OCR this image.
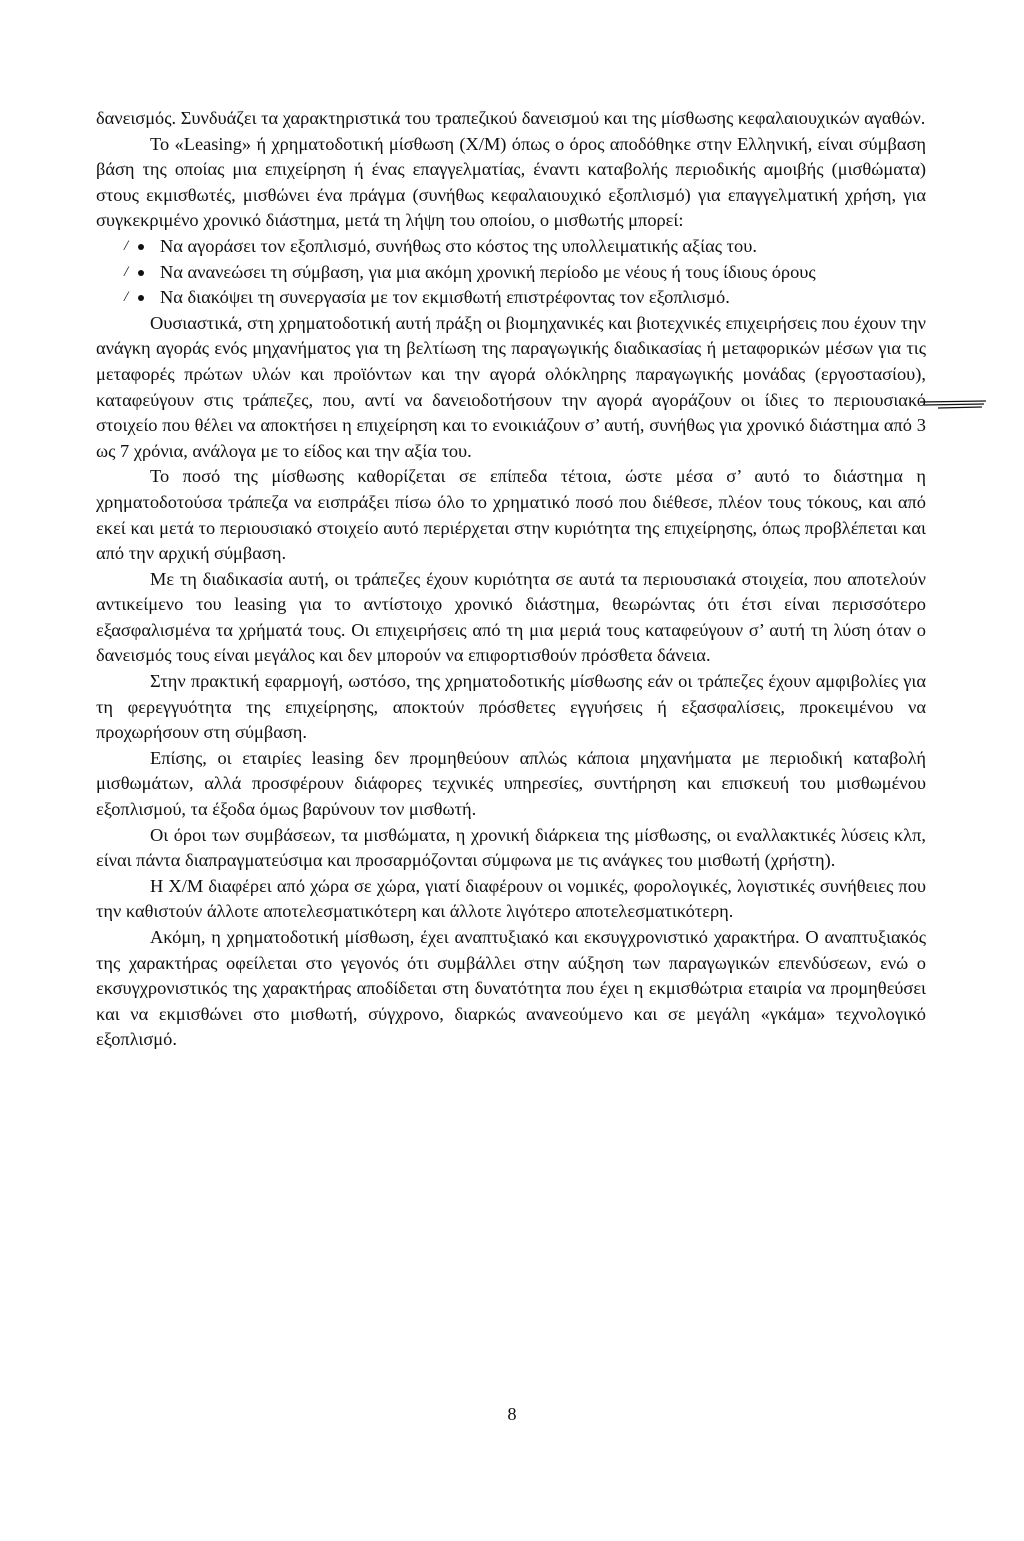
δανεισμός. Συνδυάζει τα χαρακτηριστικά του τραπεζικού δανεισμού και της μίσθωσης κεφαλαιουχικών αγαθών.

Το «Leasing» ή χρηματοδοτική μίσθωση (Χ/Μ) όπως ο όρος αποδόθηκε στην Ελληνική, είναι σύμβαση βάση της οποίας μια επιχείρηση ή ένας επαγγελματίας, έναντι καταβολής περιοδικής αμοιβής (μισθώματα) στους εκμισθωτές, μισθώνει ένα πράγμα (συνήθως κεφαλαιουχικό εξοπλισμό) για επαγγελματική χρήση, για συγκεκριμένο χρονικό διάστημα, μετά τη λήψη του οποίου, ο μισθωτής μπορεί:

/ Να αγοράσει τον εξοπλισμό, συνήθως στο κόστος της υπολλειματικής αξίας του.
/ Να ανανεώσει τη σύμβαση, για μια ακόμη χρονική περίοδο με νέους ή τους ίδιους όρους
/ Να διακόψει τη συνεργασία με τον εκμισθωτή επιστρέφοντας τον εξοπλισμό.

Ουσιαστικά, στη χρηματοδοτική αυτή πράξη οι βιομηχανικές και βιοτεχνικές επιχειρήσεις που έχουν την ανάγκη αγοράς ενός μηχανήματος για τη βελτίωση της παραγωγικής διαδικασίας ή μεταφορικών μέσων για τις μεταφορές πρώτων υλών και προϊόντων και την αγορά ολόκληρης παραγωγικής μονάδας (εργοστασίου), καταφεύγουν στις τράπεζες, που, αντί να δανειοδοτήσουν την αγορά αγοράζουν οι ίδιες το περιουσιακό στοιχείο που θέλει να αποκτήσει η επιχείρηση και το ενοικιάζουν σ’ αυτή, συνήθως για χρονικό διάστημα από 3 ως 7 χρόνια, ανάλογα με το είδος και την αξία του.

Το ποσό της μίσθωσης καθορίζεται σε επίπεδα τέτοια, ώστε μέσα σ’ αυτό το διάστημα η χρηματοδοτούσα τράπεζα να εισπράξει πίσω όλο το χρηματικό ποσό που διέθεσε, πλέον τους τόκους, και από εκεί και μετά το περιουσιακό στοιχείο αυτό περιέρχεται στην κυριότητα της επιχείρησης, όπως προβλέπεται και από την αρχική σύμβαση.

Με τη διαδικασία αυτή, οι τράπεζες έχουν κυριότητα σε αυτά τα περιουσιακά στοιχεία, που αποτελούν αντικείμενο του leasing για το αντίστοιχο χρονικό διάστημα, θεωρώντας ότι έτσι είναι περισσότερο εξασφαλισμένα τα χρήματά τους. Οι επιχειρήσεις από τη μια μεριά τους καταφεύγουν σ’ αυτή τη λύση όταν ο δανεισμός τους είναι μεγάλος και δεν μπορούν να επιφορτισθούν πρόσθετα δάνεια.

Στην πρακτική εφαρμογή, ωστόσο, της χρηματοδοτικής μίσθωσης εάν οι τράπεζες έχουν αμφιβολίες για τη φερεγγυότητα της επιχείρησης, αποκτούν πρόσθετες εγγυήσεις ή εξασφαλίσεις, προκειμένου να προχωρήσουν στη σύμβαση.

Επίσης, οι εταιρίες leasing δεν προμηθεύουν απλώς κάποια μηχανήματα με περιοδική καταβολή μισθωμάτων, αλλά προσφέρουν διάφορες τεχνικές υπηρεσίες, συντήρηση και επισκευή του μισθωμένου εξοπλισμού, τα έξοδα όμως βαρύνουν τον μισθωτή.

Οι όροι των συμβάσεων, τα μισθώματα, η χρονική διάρκεια της μίσθωσης, οι εναλλακτικές λύσεις κλπ, είναι πάντα διαπραγματεύσιμα και προσαρμόζονται σύμφωνα με τις ανάγκες του μισθωτή (χρήστη).

Η Χ/Μ διαφέρει από χώρα σε χώρα, γιατί διαφέρουν οι νομικές, φορολογικές, λογιστικές συνήθειες που την καθιστούν άλλοτε αποτελεσματικότερη και άλλοτε λιγότερο αποτελεσματικότερη.

Ακόμη, η χρηματοδοτική μίσθωση, έχει αναπτυξιακό και εκσυγχρονιστικό χαρακτήρα. Ο αναπτυξιακός της χαρακτήρας οφείλεται στο γεγονός ότι συμβάλλει στην αύξηση των παραγωγικών επενδύσεων, ενώ ο εκσυγχρονιστικός της χαρακτήρας αποδίδεται στη δυνατότητα που έχει η εκμισθώτρια εταιρία να προμηθεύσει και να εκμισθώνει στο μισθωτή, σύγχρονο, διαρκώς ανανεούμενο και σε μεγάλη «γκάμα» τεχνολογικό εξοπλισμό.

8
